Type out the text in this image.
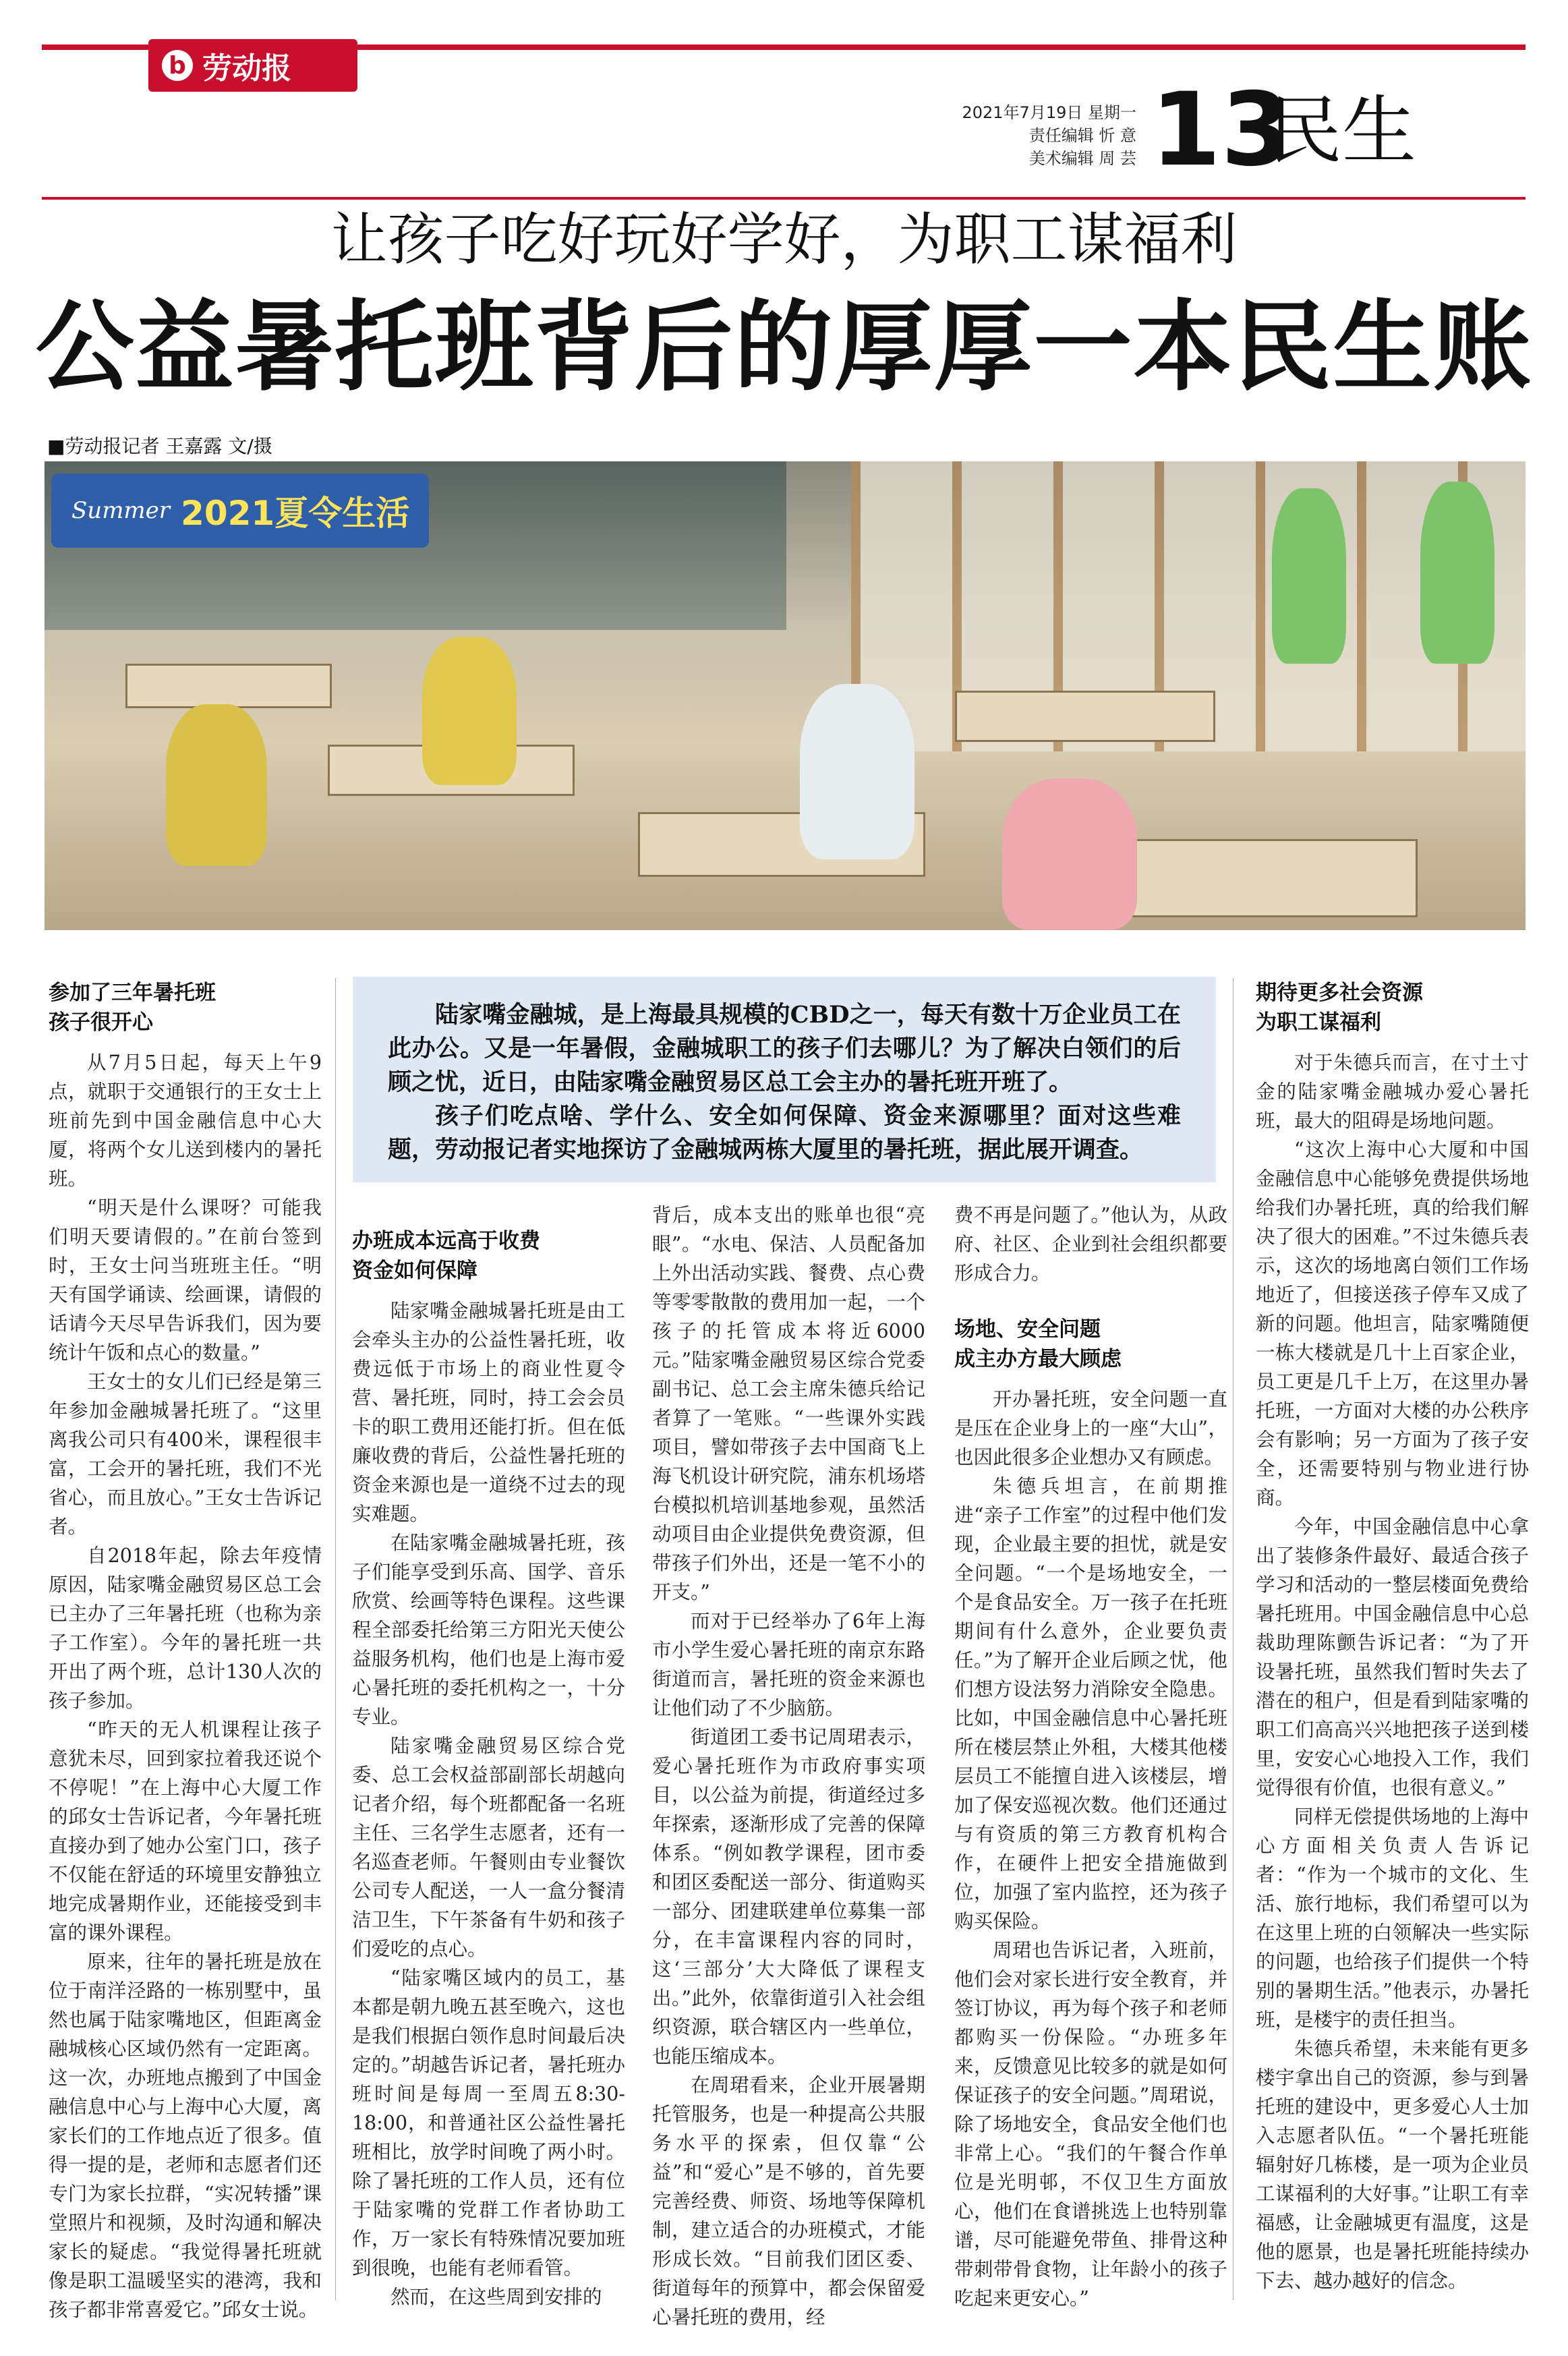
b 劳动报
2021年7月19日 星期一
责任编辑 忻 意
美术编辑 周 芸 13
民生
让孩子吃好玩好学好，为职工谋福利
公益暑托班背后的厚厚一本民生账
■劳动报记者 王嘉露 文/摄
Summer 2021夏令生活

陆家嘴金融城，是上海最具规模的CBD之一，每天有数十万企业员工在此办公。又是一年暑假，金融城职工的孩子们去哪儿？为了解决白领们的后顾之忧，近日，由陆家嘴金融贸易区总工会主办的暑托班开班了。

孩子们吃点啥、学什么、安全如何保障、资金来源哪里？面对这些难题，劳动报记者实地探访了金融城两栋大厦里的暑托班，据此展开调查。

参加了三年暑托班
孩子很开心

从7月5日起，每天上午9点，就职于交通银行的王女士上班前先到中国金融信息中心大厦，将两个女儿送到楼内的暑托班。

“明天是什么课呀？可能我们明天要请假的。”在前台签到时，王女士问当班班主任。“明天有国学诵读、绘画课，请假的话请今天尽早告诉我们，因为要统计午饭和点心的数量。”

王女士的女儿们已经是第三年参加金融城暑托班了。“这里离我公司只有400米，课程很丰富，工会开的暑托班，我们不光省心，而且放心。”王女士告诉记者。

自2018年起，除去年疫情原因，陆家嘴金融贸易区总工会已主办了三年暑托班（也称为亲子工作室）。今年的暑托班一共开出了两个班，总计130人次的孩子参加。

“昨天的无人机课程让孩子意犹未尽，回到家拉着我还说个不停呢！”在上海中心大厦工作的邱女士告诉记者，今年暑托班直接办到了她办公室门口，孩子不仅能在舒适的环境里安静独立地完成暑期作业，还能接受到丰富的课外课程。

原来，往年的暑托班是放在位于南洋泾路的一栋别墅中，虽然也属于陆家嘴地区，但距离金融城核心区域仍然有一定距离。这一次，办班地点搬到了中国金融信息中心与上海中心大厦，离家长们的工作地点近了很多。值得一提的是，老师和志愿者们还专门为家长拉群，“实况转播”课堂照片和视频，及时沟通和解决家长的疑虑。“我觉得暑托班就像是职工温暖坚实的港湾，我和孩子都非常喜爱它。”邱女士说。

办班成本远高于收费
资金如何保障

陆家嘴金融城暑托班是由工会牵头主办的公益性暑托班，收费远低于市场上的商业性夏令营、暑托班，同时，持工会会员卡的职工费用还能打折。但在低廉收费的背后，公益性暑托班的资金来源也是一道绕不过去的现实难题。

在陆家嘴金融城暑托班，孩子们能享受到乐高、国学、音乐欣赏、绘画等特色课程。这些课程全部委托给第三方阳光天使公益服务机构，他们也是上海市爱心暑托班的委托机构之一，十分专业。

陆家嘴金融贸易区综合党委、总工会权益部副部长胡越向记者介绍，每个班都配备一名班主任、三名学生志愿者，还有一名巡查老师。午餐则由专业餐饮公司专人配送，一人一盒分餐清洁卫生，下午茶备有牛奶和孩子们爱吃的点心。

“陆家嘴区域内的员工，基本都是朝九晚五甚至晚六，这也是我们根据白领作息时间最后决定的。”胡越告诉记者，暑托班办班时间是每周一至周五8:30-18:00，和普通社区公益性暑托班相比，放学时间晚了两小时。除了暑托班的工作人员，还有位于陆家嘴的党群工作者协助工作，万一家长有特殊情况要加班到很晚，也能有老师看管。

然而，在这些周到安排的

背后，成本支出的账单也很“亮眼”。“水电、保洁、人员配备加上外出活动实践、餐费、点心费等零零散散的费用加一起，一个孩子的托管成本将近6000元。”陆家嘴金融贸易区综合党委副书记、总工会主席朱德兵给记者算了一笔账。“一些课外实践项目，譬如带孩子去中国商飞上海飞机设计研究院，浦东机场塔台模拟机培训基地参观，虽然活动项目由企业提供免费资源，但带孩子们外出，还是一笔不小的开支。”

而对于已经举办了6年上海市小学生爱心暑托班的南京东路街道而言，暑托班的资金来源也让他们动了不少脑筋。

街道团工委书记周珺表示，爱心暑托班作为市政府事实项目，以公益为前提，街道经过多年探索，逐渐形成了完善的保障体系。“例如教学课程，团市委和团区委配送一部分、街道购买一部分、团建联建单位募集一部分，在丰富课程内容的同时，这‘三部分’大大降低了课程支出。”此外，依靠街道引入社会组织资源，联合辖区内一些单位，也能压缩成本。

在周珺看来，企业开展暑期托管服务，也是一种提高公共服务水平的探索，但仅靠“公益”和“爱心”是不够的，首先要完善经费、师资、场地等保障机制，建立适合的办班模式，才能形成长效。“目前我们团区委、街道每年的预算中，都会保留爱心暑托班的费用，经

费不再是问题了。”他认为，从政府、社区、企业到社会组织都要形成合力。

场地、安全问题
成主办方最大顾虑

开办暑托班，安全问题一直是压在企业身上的一座“大山”，也因此很多企业想办又有顾虑。

朱德兵坦言，在前期推进“亲子工作室”的过程中他们发现，企业最主要的担忧，就是安全问题。“一个是场地安全，一个是食品安全。万一孩子在托班期间有什么意外，企业要负责任。”为了解开企业后顾之忧，他们想方设法努力消除安全隐患。比如，中国金融信息中心暑托班所在楼层禁止外租，大楼其他楼层员工不能擅自进入该楼层，增加了保安巡视次数。他们还通过与有资质的第三方教育机构合作，在硬件上把安全措施做到位，加强了室内监控，还为孩子购买保险。

周珺也告诉记者，入班前，他们会对家长进行安全教育，并签订协议，再为每个孩子和老师都购买一份保险。“办班多年来，反馈意见比较多的就是如何保证孩子的安全问题。”周珺说，除了场地安全，食品安全他们也非常上心。“我们的午餐合作单位是光明邨，不仅卫生方面放心，他们在食谱挑选上也特别靠谱，尽可能避免带鱼、排骨这种带刺带骨食物，让年龄小的孩子吃起来更安心。”

期待更多社会资源
为职工谋福利

对于朱德兵而言，在寸土寸金的陆家嘴金融城办爱心暑托班，最大的阻碍是场地问题。

“这次上海中心大厦和中国金融信息中心能够免费提供场地给我们办暑托班，真的给我们解决了很大的困难。”不过朱德兵表示，这次的场地离白领们工作场地近了，但接送孩子停车又成了新的问题。他坦言，陆家嘴随便一栋大楼就是几十上百家企业，员工更是几千上万，在这里办暑托班，一方面对大楼的办公秩序会有影响；另一方面为了孩子安全，还需要特别与物业进行协商。

今年，中国金融信息中心拿出了装修条件最好、最适合孩子学习和活动的一整层楼面免费给暑托班用。中国金融信息中心总裁助理陈颤告诉记者：“为了开设暑托班，虽然我们暂时失去了潜在的租户，但是看到陆家嘴的职工们高高兴兴地把孩子送到楼里，安安心心地投入工作，我们觉得很有价值，也很有意义。”

同样无偿提供场地的上海中心方面相关负责人告诉记者：“作为一个城市的文化、生活、旅行地标，我们希望可以为在这里上班的白领解决一些实际的问题，也给孩子们提供一个特别的暑期生活。”他表示，办暑托班，是楼宇的责任担当。

朱德兵希望，未来能有更多楼宇拿出自己的资源，参与到暑托班的建设中，更多爱心人士加入志愿者队伍。“一个暑托班能辐射好几栋楼，是一项为企业员工谋福利的大好事。”让职工有幸福感，让金融城更有温度，这是他的愿景，也是暑托班能持续办下去、越办越好的信念。
